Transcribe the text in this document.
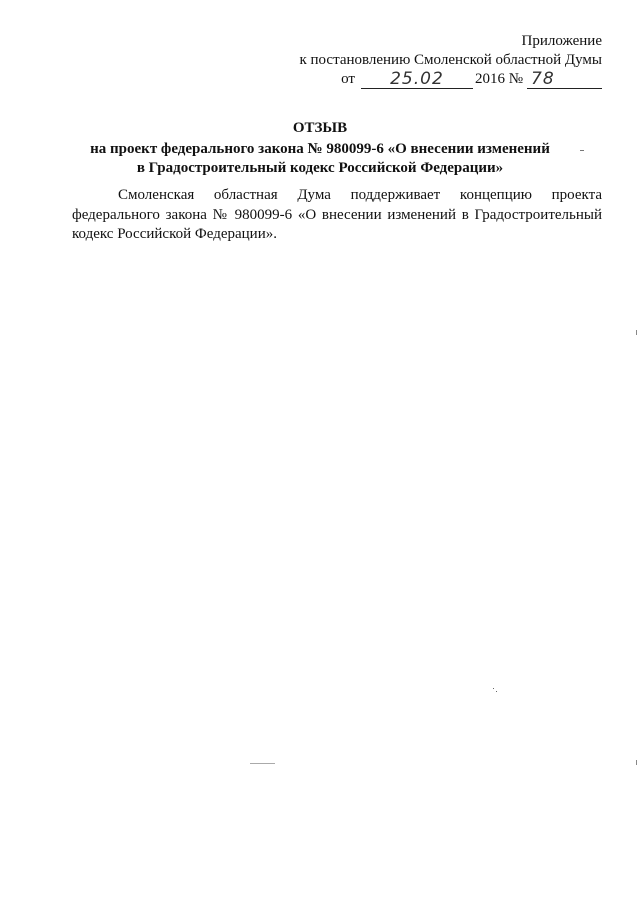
Приложение
к постановлению Смоленской областной Думы
от	25.02	2016 № 78
ОТЗЫВ
на проект федерального закона № 980099-6 «О внесении изменений
в Градостроительный кодекс Российской Федерации»
Смоленская областная Дума поддерживает концепцию проекта федерального закона № 980099-6 «О внесении изменений в Градостроительный кодекс Российской Федерации».
